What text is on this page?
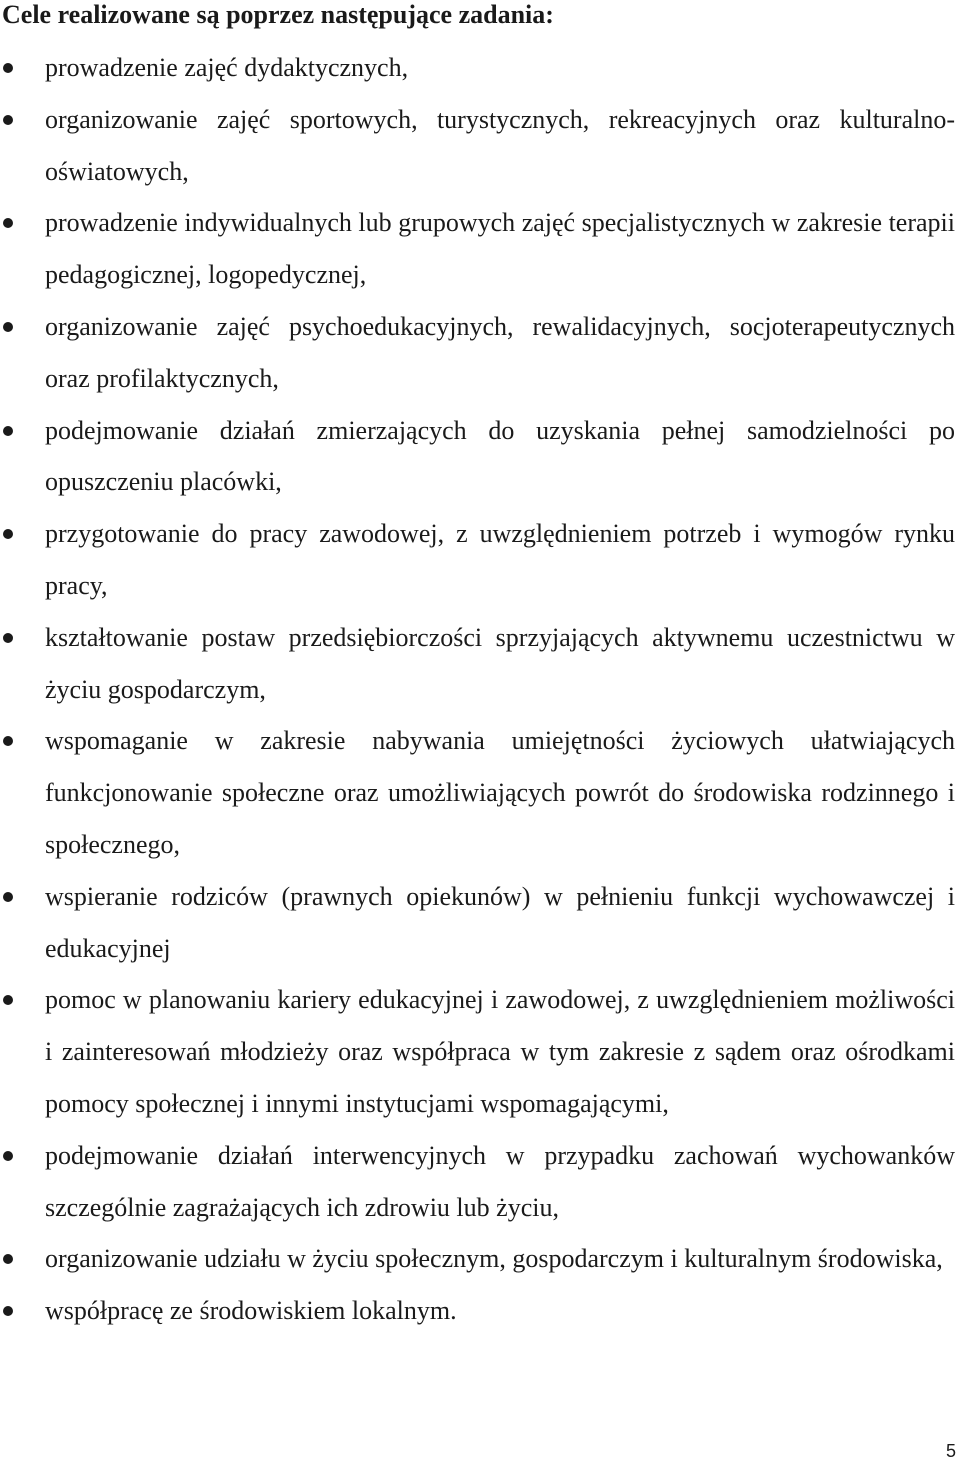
Cele realizowane są poprzez następujące zadania:
prowadzenie zajęć dydaktycznych,
organizowanie zajęć sportowych, turystycznych, rekreacyjnych oraz kulturalno-oświatowych,
prowadzenie indywidualnych lub grupowych zajęć specjalistycznych w zakresie terapii pedagogicznej, logopedycznej,
organizowanie zajęć psychoedukacyjnych, rewalidacyjnych, socjoterapeutycznych oraz profilaktycznych,
podejmowanie działań zmierzających do uzyskania pełnej samodzielności po opuszczeniu placówki,
przygotowanie do pracy zawodowej, z uwzględnieniem potrzeb i wymogów rynku pracy,
kształtowanie postaw przedsiębiorczości sprzyjających aktywnemu uczestnictwu w życiu gospodarczym,
wspomaganie w zakresie nabywania umiejętności życiowych ułatwiających funkcjonowanie społeczne oraz umożliwiających powrót do środowiska rodzinnego i społecznego,
wspieranie rodziców (prawnych opiekunów) w pełnieniu funkcji wychowawczej i edukacyjnej
pomoc w planowaniu kariery edukacyjnej i zawodowej, z uwzględnieniem możliwości i zainteresowań młodzieży oraz współpraca w tym zakresie z sądem oraz ośrodkami pomocy społecznej i innymi instytucjami wspomagającymi,
podejmowanie działań interwencyjnych w przypadku zachowań wychowanków szczególnie zagrażających ich zdrowiu lub życiu,
organizowanie udziału w życiu społecznym, gospodarczym i kulturalnym środowiska,
współpracę ze środowiskiem lokalnym.
5
